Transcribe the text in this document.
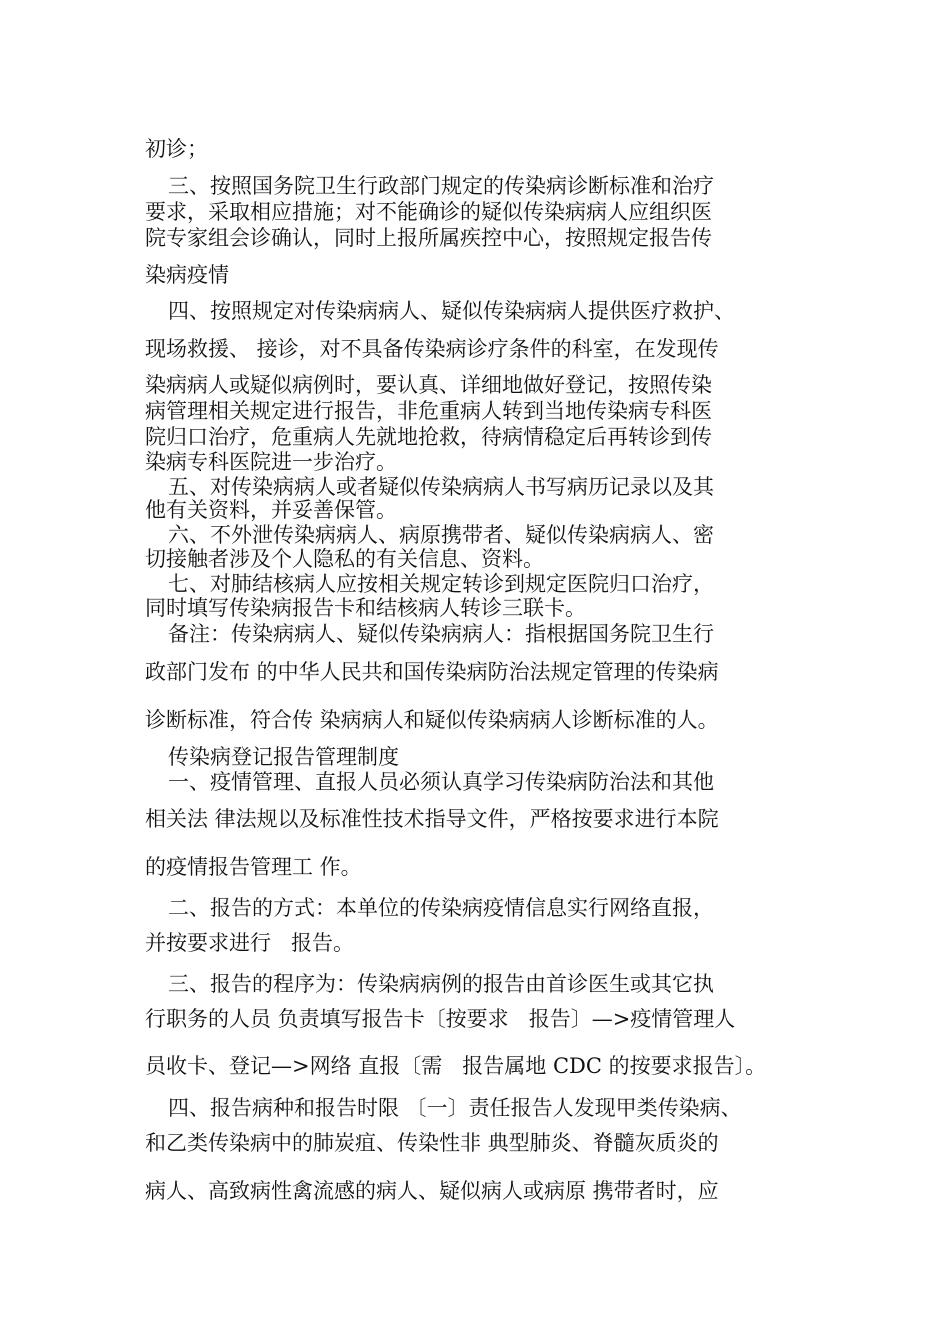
初诊；
三、按照国务院卫生行政部门规定的传染病诊断标准和治疗
要求，采取相应措施；对不能确诊的疑似传染病病人应组织医
院专家组会诊确认，同时上报所属疾控中心，按照规定报告传
染病疫情
四、按照规定对传染病病人、疑似传染病病人提供医疗救护、
现场救援、 接诊，对不具备传染病诊疗条件的科室，在发现传
染病病人或疑似病例时，要认真、详细地做好登记，按照传染
病管理相关规定进行报告，非危重病人转到当地传染病专科医
院归口治疗，危重病人先就地抢救，待病情稳定后再转诊到传
染病专科医院进一步治疗。
五、对传染病病人或者疑似传染病病人书写病历记录以及其
他有关资料，并妥善保管。
六、不外泄传染病病人、病原携带者、疑似传染病病人、密
切接触者涉及个人隐私的有关信息、资料。
七、对肺结核病人应按相关规定转诊到规定医院归口治疗，
同时填写传染病报告卡和结核病人转诊三联卡。
备注：传染病病人、疑似传染病病人：指根据国务院卫生行
政部门发布 的中华人民共和国传染病防治法规定管理的传染病
诊断标准，符合传 染病病人和疑似传染病病人诊断标准的人。
传染病登记报告管理制度
一、疫情管理、直报人员必须认真学习传染病防治法和其他
相关法 律法规以及标准性技术指导文件，严格按要求进行本院
的疫情报告管理工 作。
二、报告的方式：本单位的传染病疫情信息实行网络直报，
并按要求进行   报告。
三、报告的程序为：传染病病例的报告由首诊医生或其它执
行职务的人员 负责填写报告卡〔按要求   报告〕—>疫情管理人
员收卡、登记—>网络 直报〔需   报告属地 CDC 的按要求报告〕。
四、报告病种和报告时限 〔一〕责任报告人发现甲类传染病、
和乙类传染病中的肺炭疽、传染性非 典型肺炎、脊髓灰质炎的
病人、高致病性禽流感的病人、疑似病人或病原 携带者时，应
